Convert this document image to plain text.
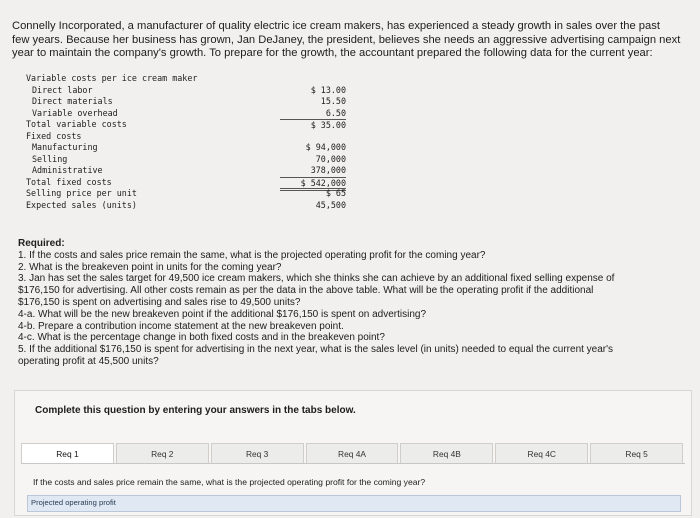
Connelly Incorporated, a manufacturer of quality electric ice cream makers, has experienced a steady growth in sales over the past
few years. Because her business has grown, Jan DeJaney, the president, believes she needs an aggressive advertising campaign next
year to maintain the company's growth. To prepare for the growth, the accountant prepared the following data for the current year:
Variable costs per ice cream maker
Direct labor	$ 13.00
Direct materials	15.50
Variable overhead	6.50
Total variable costs	$ 35.00
Fixed costs
Manufacturing	$ 94,000
Selling	70,000
Administrative	378,000
Total fixed costs	$ 542,000
Selling price per unit	$ 65
Expected sales (units)	45,500
Required:
1. If the costs and sales price remain the same, what is the projected operating profit for the coming year?
2. What is the breakeven point in units for the coming year?
3. Jan has set the sales target for 49,500 ice cream makers, which she thinks she can achieve by an additional fixed selling expense of
$176,150 for advertising. All other costs remain as per the data in the above table. What will be the operating profit if the additional
$176,150 is spent on advertising and sales rise to 49,500 units?
4-a. What will be the new breakeven point if the additional $176,150 is spent on advertising?
4-b. Prepare a contribution income statement at the new breakeven point.
4-c. What is the percentage change in both fixed costs and in the breakeven point?
5. If the additional $176,150 is spent for advertising in the next year, what is the sales level (in units) needed to equal the current year's
operating profit at 45,500 units?
Complete this question by entering your answers in the tabs below.
Req 1	Req 2	Req 3	Req 4A	Req 4B	Req 4C	Req 5
If the costs and sales price remain the same, what is the projected operating profit for the coming year?
Projected operating profit
